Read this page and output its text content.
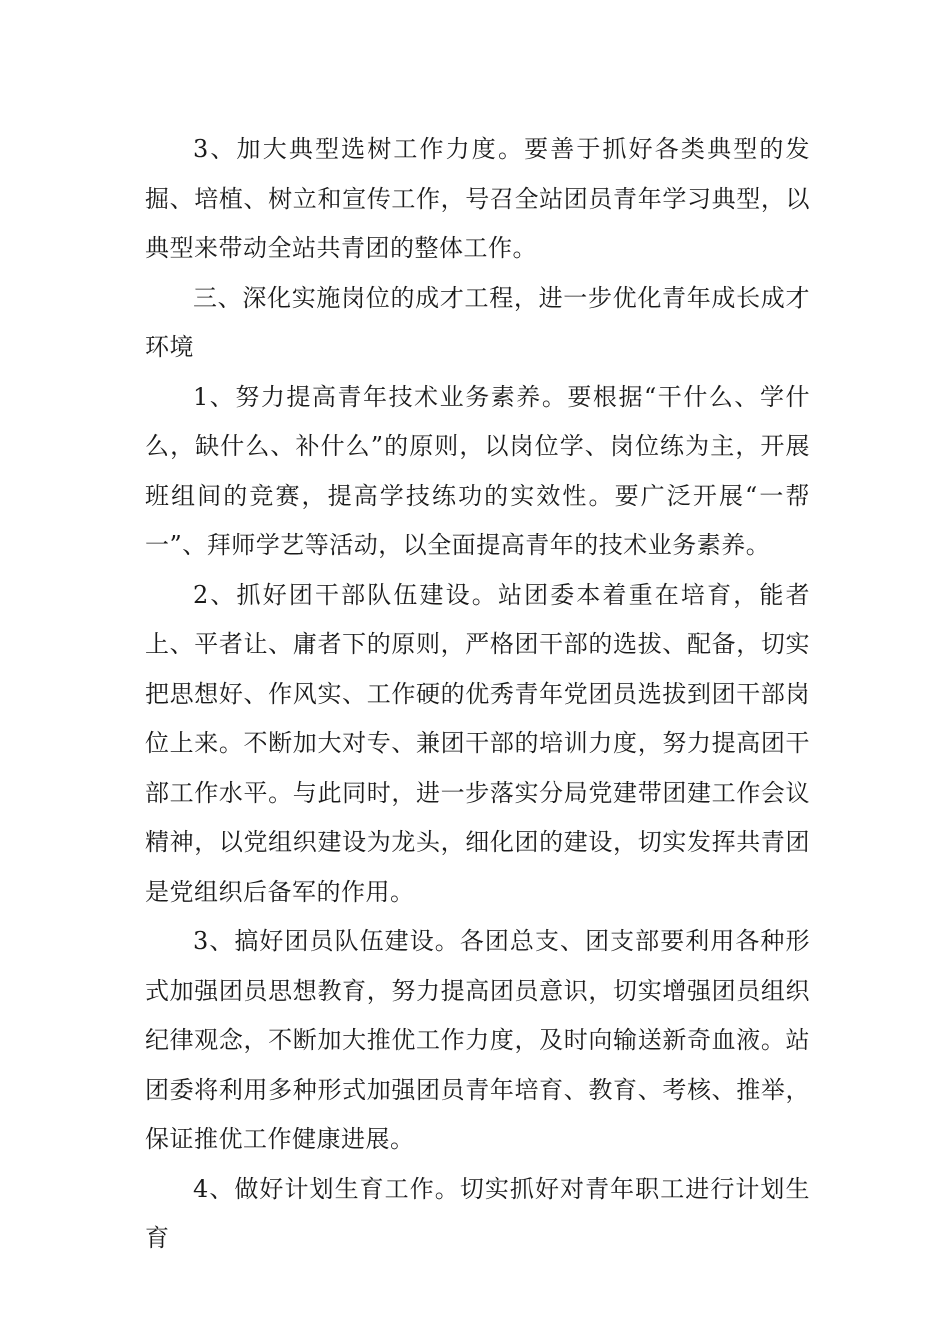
3、加大典型选树工作力度。要善于抓好各类典型的发掘、培植、树立和宣传工作，号召全站团员青年学习典型，以典型来带动全站共青团的整体工作。

三、深化实施岗位的成才工程，进一步优化青年成长成才环境

1、努力提高青年技术业务素养。要根据“干什么、学什么，缺什么、补什么”的原则，以岗位学、岗位练为主，开展班组间的竞赛，提高学技练功的实效性。要广泛开展“一帮一”、拜师学艺等活动，以全面提高青年的技术业务素养。

2、抓好团干部队伍建设。站团委本着重在培育，能者上、平者让、庸者下的原则，严格团干部的选拔、配备，切实把思想好、作风实、工作硬的优秀青年党团员选拔到团干部岗位上来。不断加大对专、兼团干部的培训力度，努力提高团干部工作水平。与此同时，进一步落实分局党建带团建工作会议精神，以党组织建设为龙头，细化团的建设，切实发挥共青团是党组织后备军的作用。

3、搞好团员队伍建设。各团总支、团支部要利用各种形式加强团员思想教育，努力提高团员意识，切实增强团员组织纪律观念，不断加大推优工作力度，及时向输送新奇血液。站团委将利用多种形式加强团员青年培育、教育、考核、推举，保证推优工作健康进展。

4、做好计划生育工作。切实抓好对青年职工进行计划生育
